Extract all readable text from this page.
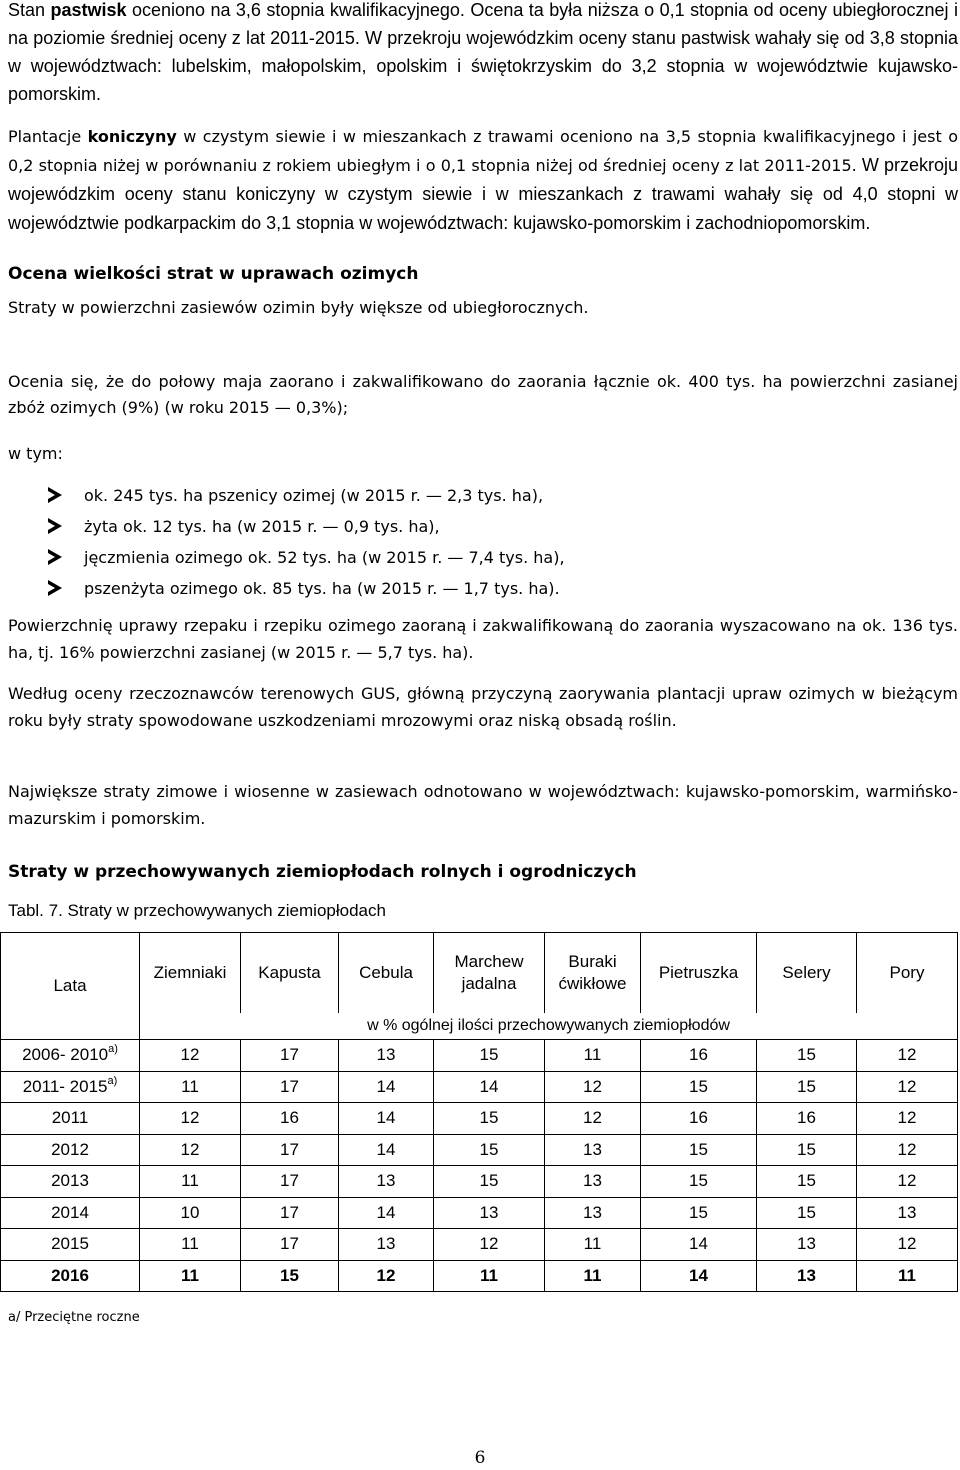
Stan pastwisk oceniono na 3,6 stopnia kwalifikacyjnego. Ocena ta była niższa o 0,1 stopnia od oceny ubiegłorocznej i na poziomie średniej oceny z lat 2011-2015. W przekroju wojewódzkim oceny stanu pastwisk wahały się od 3,8 stopnia w województwach: lubelskim, małopolskim, opolskim i świętokrzyskim do 3,2 stopnia w województwie kujawsko-pomorskim.

Plantacje koniczyny w czystym siewie i w mieszankach z trawami oceniono na 3,5 stopnia kwalifikacyjnego i jest o 0,2 stopnia niżej w porównaniu z rokiem ubiegłym i o 0,1 stopnia niżej od średniej oceny z lat 2011-2015. W przekroju wojewódzkim oceny stanu koniczyny w czystym siewie i w mieszankach z trawami wahały się od 4,0 stopni w województwie podkarpackim do 3,1 stopnia w województwach: kujawsko-pomorskim i zachodniopomorskim.

Ocena wielkości strat w uprawach ozimych

Straty w powierzchni zasiewów ozimin były większe od ubiegłorocznych.

Ocenia się, że do połowy maja zaorano i zakwalifikowano do zaorania łącznie ok. 400 tys. ha powierzchni zasianej zbóż ozimych (9%) (w roku 2015 — 0,3%);

w tym:

ok. 245 tys. ha pszenicy ozimej (w 2015 r. — 2,3 tys. ha),
żyta ok. 12 tys. ha (w 2015 r. — 0,9 tys. ha),
jęczmienia ozimego ok. 52 tys. ha (w 2015 r. — 7,4 tys. ha),
pszenżyta ozimego ok. 85 tys. ha (w 2015 r. — 1,7 tys. ha).

Powierzchnię uprawy rzepaku i rzepiku ozimego zaoraną i zakwalifikowaną do zaorania wyszacowano na ok. 136 tys. ha, tj. 16% powierzchni zasianej (w 2015 r. — 5,7 tys. ha).

Według oceny rzeczoznawców terenowych GUS, główną przyczyną zaorywania plantacji upraw ozimych w bieżącym roku były straty spowodowane uszkodzeniami mrozowymi oraz niską obsadą roślin.

Największe straty zimowe i wiosenne w zasiewach odnotowano w województwach: kujawsko-pomorskim, warmińsko-mazurskim i pomorskim.

Straty w przechowywanych ziemiopłodach rolnych i ogrodniczych

Tabl. 7. Straty w przechowywanych ziemiopłodach

Lata	Ziemniaki	Kapusta	Cebula	Marchew jadalna	Buraki ćwikłowe	Pietruszka	Selery	Pory
	w % ogólnej ilości przechowywanych ziemiopłodów							
2006- 2010$^{a)}$	12	17	13	15	11	16	15	12
2011- 2015$^{a)}$	11	17	14	14	12	15	15	12
2011	12	16	14	15	12	16	16	12
2012	12	17	14	15	13	15	15	12
2013	11	17	13	15	13	15	15	12
2014	10	17	14	13	13	15	15	13
2015	11	17	13	12	11	14	13	12
2016	11	15	12	11	11	14	13	11

a/ Przeciętne roczne

6
